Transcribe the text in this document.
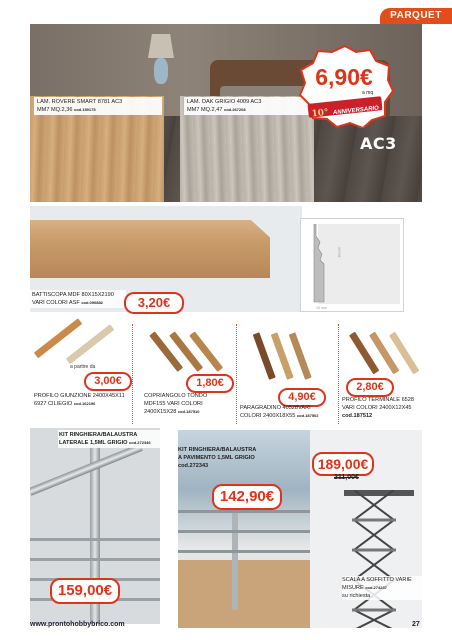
PARQUET
LAM. ROVERE SMART 8781 AC3
MM7 MQ.2,36 cod.159175
LAM. OAK GRIGIO 4009 AC3
MM7 MQ.2,47 cod.267208
6,90€
a mq
10° ANNIVERSARIO
AC3
80 mm
15 mm
BATTISCOPA MDF 80X15X2190
VARI COLORI ASF cod.090882	3,20€
a partire da
3,00€
PROFILO GIUNZIONE 2400X45X11
6927 CILIEGIO cod.162196
1,80€
COPRIANGOLO TONDO
MDF155 VARI COLORI
2400X15X28 cod.187510
4,90€
PARAGRADINO 40528VARI
COLORI 2400X18X55 cod.187502
2,80€
PROFILO TERMINALE 6528
VARI COLORI 2400X12X45
cod.187512
KIT RINGHIERA/BALAUSTRA
LATERALE 1,5ML GRIGIO cod.272346
159,00€
KIT RINGHIERA/BALAUSTRA
A PAVIMENTO 1,5ML GRIGIO
cod.272343
142,90€
189,00€
211,00€
SCALA A SOFFITTO VARIE
MISURE cod.274237
su richiesta
www.prontohobbybrico.com	27
